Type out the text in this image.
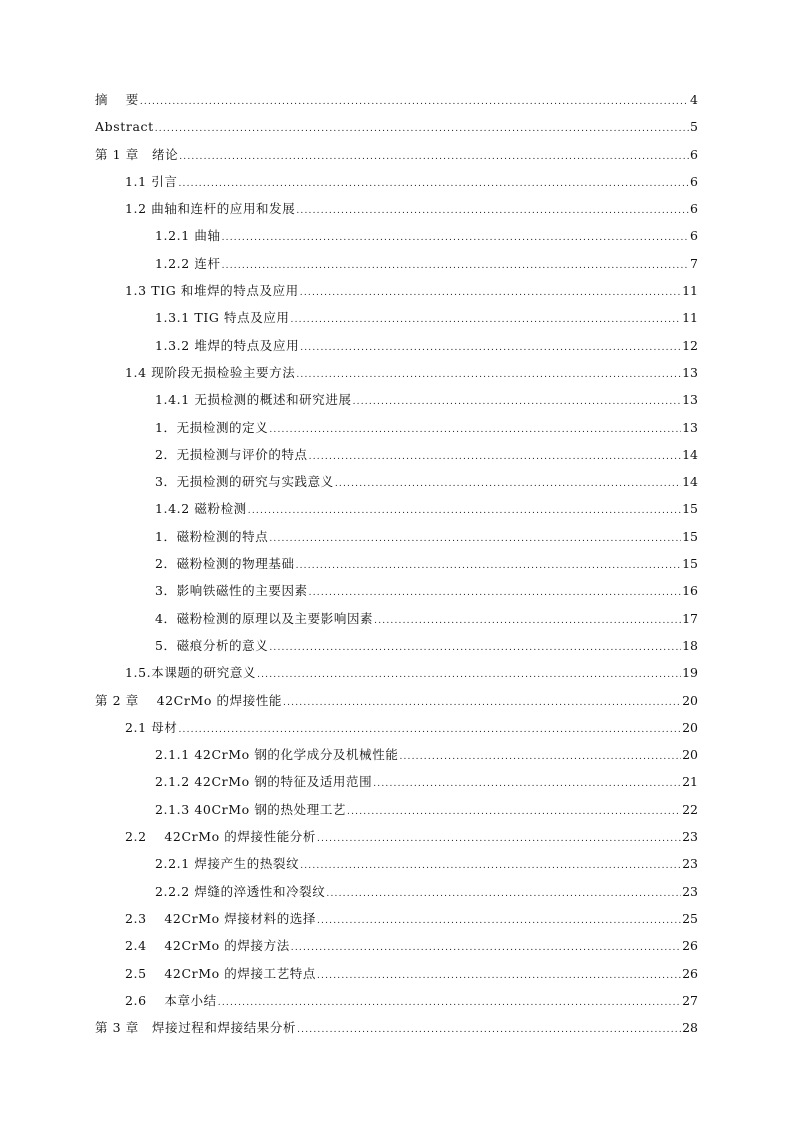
摘　 要 .....	4
Abstract .....	5
第 1 章　绪论 .....	6
1.1 引言 .....	6
1.2 曲轴和连杆的应用和发展 .....	6
1.2.1 曲轴 .....	6
1.2.2 连杆 .....	7
1.3 TIG 和堆焊的特点及应用 .....	11
1.3.1 TIG 特点及应用 .....	11
1.3.2 堆焊的特点及应用 .....	12
1.4 现阶段无损检验主要方法 .....	13
1.4.1 无损检测的概述和研究进展 .....	13
1．无损检测的定义 .....	13
2．无损检测与评价的特点 .....	14
3．无损检测的研究与实践意义 .....	14
1.4.2 磁粉检测 .....	15
1．磁粉检测的特点 .....	15
2．磁粉检测的物理基础 .....	15
3．影响铁磁性的主要因素 .....	16
4．磁粉检测的原理以及主要影响因素 .....	17
5．磁痕分析的意义 .....	18
1.5.本课题的研究意义 .....	19
第 2 章　 42CrMo 的焊接性能 .....	20
2.1 母材 .....	20
2.1.1 42CrMo 钢的化学成分及机械性能 .....	20
2.1.2 42CrMo 钢的特征及适用范围 .....	21
2.1.3 40CrMo 钢的热处理工艺 .....	22
2.2　 42CrMo 的焊接性能分析 .....	23
2.2.1 焊接产生的热裂纹 .....	23
2.2.2 焊缝的淬透性和冷裂纹 .....	23
2.3　 42CrMo 焊接材料的选择 .....	25
2.4　 42CrMo 的焊接方法 .....	26
2.5　 42CrMo 的焊接工艺特点 .....	26
2.6　 本章小结 .....	27
第 3 章　焊接过程和焊接结果分析 .....	28
